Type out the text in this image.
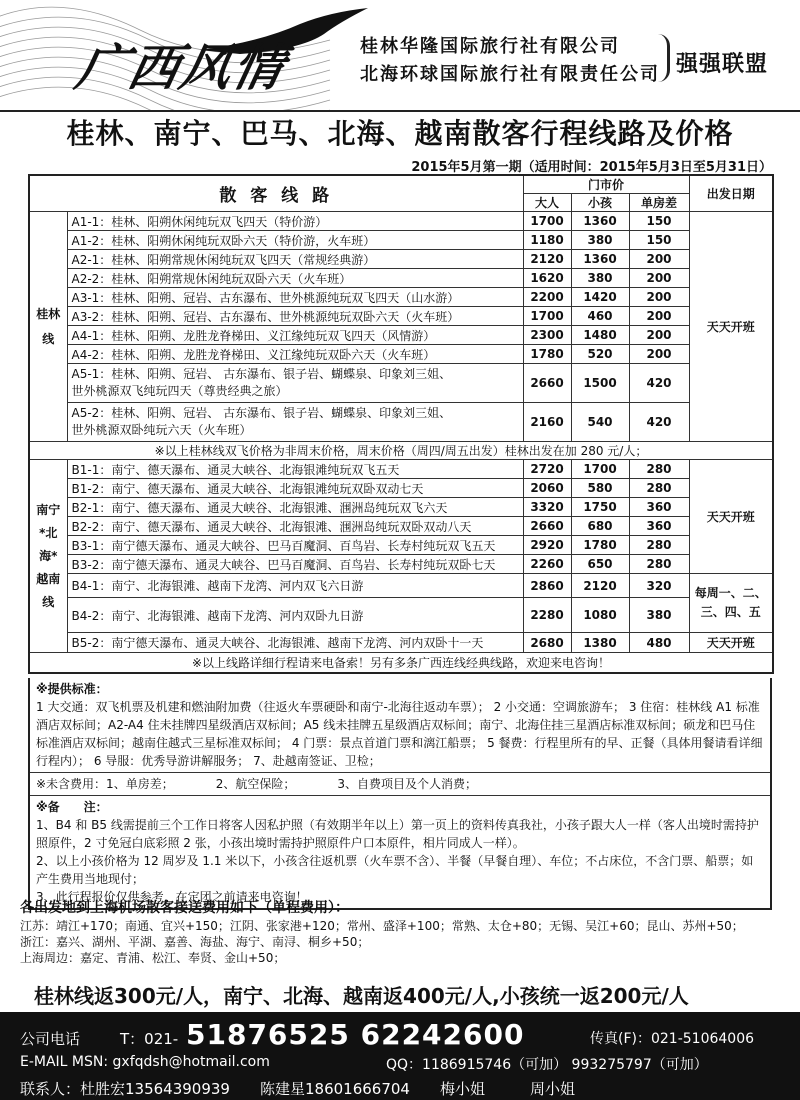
广西风情	桂林华隆国际旅行社有限公司
北海环球国际旅行社有限责任公司 强强联盟
桂林、南宁、巴马、北海、越南散客行程线路及价格
2015年5月第一期（适用时间：2015年5月3日至5月31日）
散 客 线 路		门市价			出发日期
		大人	小孩	单房差	
桂林线	A1-1：桂林、阳朔休闲纯玩双飞四天（特价游）	1700	1360	150	天天开班
	A1-2：桂林、阳朔休闲纯玩双卧六天（特价游，火车班）	1180	380	150	
	A2-1：桂林、阳朔常规休闲纯玩双飞四天（常规经典游）	2120	1360	200	
	A2-2：桂林、阳朔常规休闲纯玩双卧六天（火车班）	1620	380	200	
	A3-1：桂林、阳朔、冠岩、古东瀑布、世外桃源纯玩双飞四天（山水游）	2200	1420	200	
	A3-2：桂林、阳朔、冠岩、古东瀑布、世外桃源纯玩双卧六天（火车班）	1700	460	200	
	A4-1：桂林、阳朔、龙胜龙脊梯田、义江缘纯玩双飞四天（风情游）	2300	1480	200	
	A4-2：桂林、阳朔、龙胜龙脊梯田、义江缘纯玩双卧六天（火车班）	1780	520	200	

	A5-1：桂林、阳朔、冠岩、 古东瀑布、银子岩、蝴蝶泉、印象刘三姐、
世外桃源双飞纯玩四天（尊贵经典之旅）	2660	1500	420	

	A5-2：桂林、阳朔、冠岩、 古东瀑布、银子岩、蝴蝶泉、印象刘三姐、
世外桃源双卧纯玩六天（火车班）	2160	540	420	
※以上桂林线双飞价格为非周末价格，周末价格（周四/周五出发）桂林出发在加 280 元/人；					
南宁*北海*越南线	B1-1：南宁、德天瀑布、通灵大峡谷、北海银滩纯玩双飞五天	2720	1700	280	天天开班
	B1-2：南宁、德天瀑布、通灵大峡谷、北海银滩纯玩双卧双动七天	2060	580	280	
	B2-1：南宁、德天瀑布、通灵大峡谷、北海银滩、涠洲岛纯玩双飞六天	3320	1750	360	
	B2-2：南宁、德天瀑布、通灵大峡谷、北海银滩、涠洲岛纯玩双卧双动八天	2660	680	360	
	B3-1：南宁德天瀑布、通灵大峡谷、巴马百魔洞、百鸟岩、长寿村纯玩双飞五天	2920	1780	280	
	B3-2：南宁德天瀑布、通灵大峡谷、巴马百魔洞、百鸟岩、长寿村纯玩双卧七天	2260	650	280	
	B4-1：南宁、北海银滩、越南下龙湾、河内双飞六日游	2860	2120	320	每周一、二、三、四、五
	B4-2：南宁、北海银滩、越南下龙湾、河内双卧九日游	2280	1080	380	
	B5-2：南宁德天瀑布、通灵大峡谷、北海银滩、越南下龙湾、河内双卧十一天	2680	1380	480	天天开班
※以上线路详细行程请来电备索！另有多条广西连线经典线路，欢迎来电咨询！					
※提供标准：
1 大交通：双飞机票及机建和燃油附加费（往返火车票硬卧和南宁-北海往返动车票）； 2 小交通：空调旅游车； 3 住宿：桂林线 A1 标准酒店双标间；A2-A4 住未挂牌四星级酒店双标间；A5 线未挂牌五星级酒店双标间；南宁、北海住挂三星酒店标准双标间；硕龙和巴马住标准酒店双标间；越南住越式三星标准双标间； 4 门票：景点首道门票和漓江船票； 5 餐费：行程里所有的早、正餐（具体用餐请看详细行程内）； 6 导服：优秀导游讲解服务； 7、赴越南签证、卫检；
※未含费用：1、单房差；　　　　2、航空保险；　　　　3、自费项目及个人消费；
※备　　注：
1、B4 和 B5 线需提前三个工作日将客人因私护照（有效期半年以上）第一页上的资料传真我社，小孩子跟大人一样（客人出境时需持护照原件，2 寸免冠白底彩照 2 张，小孩出境时需持护照原件户口本原件，相片同成人一样）。
2、以上小孩价格为 12 周岁及 1.1 米以下，小孩含往返机票（火车票不含）、半餐（早餐自理）、车位；不占床位，不含门票、船票；如产生费用当地现付；
3、此行程报价仅供参考，在定团之前请来电咨询！
各出发地到上海机场散客接送费用如下（单程费用）：
江苏：靖江+170；南通、宜兴+150；江阴、张家港+120；常州、盛泽+100；常熟、太仓+80；无锡、吴江+60；昆山、苏州+50；
浙江：嘉兴、湖州、平湖、嘉善、海盐、海宁、南浔、桐乡+50；
上海周边：嘉定、青浦、松江、奉贤、金山+50；
桂林线返300元/人，南宁、北海、越南返400元/人,小孩统一返200元/人
公司电话	T：021- 51876525 62242600	传真(F)：021-51064006
E-MAIL MSN: gxfqdsh@hotmail.com	QQ：1186915746（可加） 993275797（可加）
联系人：杜胜宏13564390939　　陈建星18601666704　　梅小姐　　　周小姐
